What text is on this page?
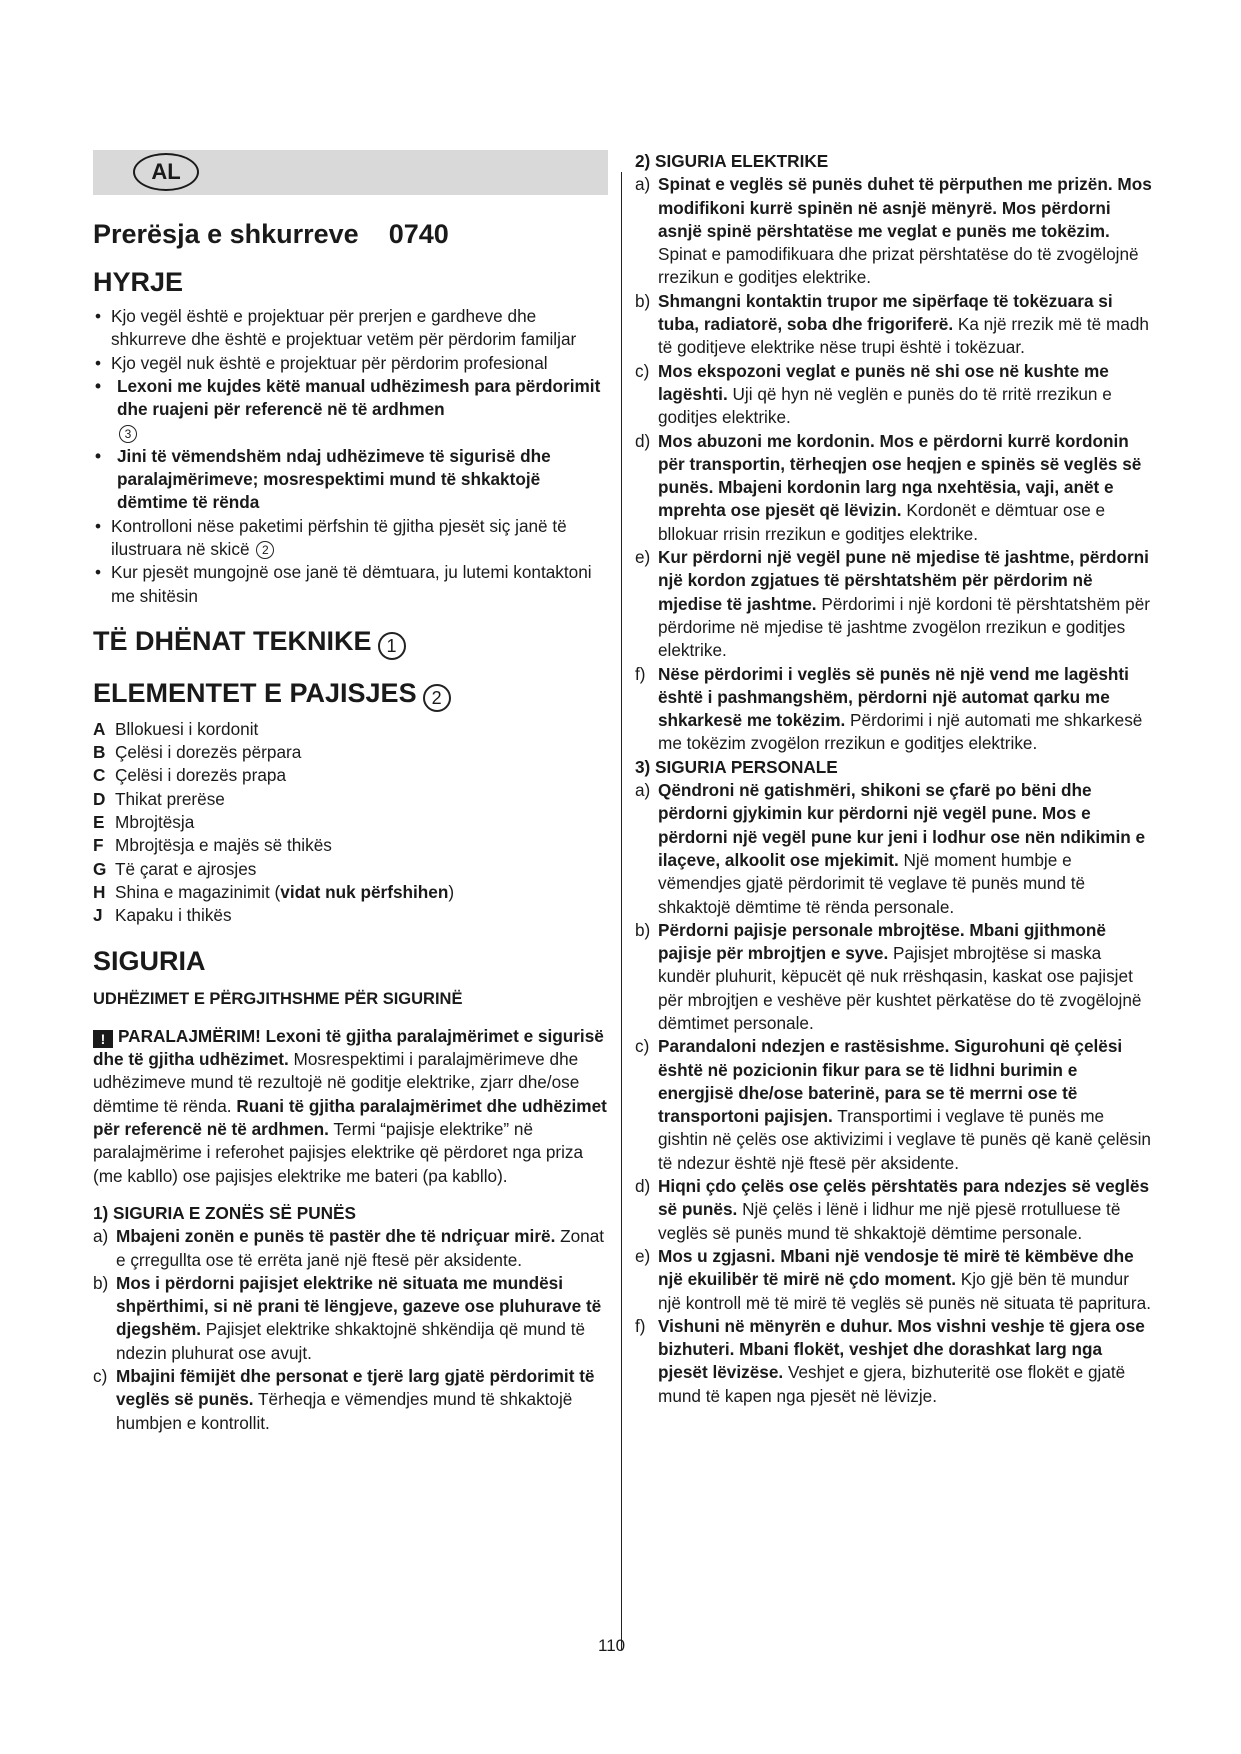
AL
Prerësja e shkurreve 0740
HYRJE
• Kjo vegël është e projektuar për prerjen e gardheve dhe shkurreve dhe është e projektuar vetëm për përdorim familjar
• Kjo vegël nuk është e projektuar për përdorim profesional
• Lexoni me kujdes këtë manual udhëzimesh para përdorimit dhe ruajeni për referencë në të ardhmen
3
• Jini të vëmendshëm ndaj udhëzimeve të sigurisë dhe paralajmërimeve; mosrespektimi mund të shkaktojë dëmtime të rënda
• Kontrolloni nëse paketimi përfshin të gjitha pjesët siç janë të ilustruara në skicë 2
• Kur pjesët mungojnë ose janë të dëmtuara, ju lutemi kontaktoni me shitësin
TË DHËNAT TEKNIKE 1
ELEMENTET E PAJISJES 2

A Bllokuesi i kordonit

B Çelësi i dorezës përpara

C Çelësi i dorezës prapa

D Thikat prerëse

E Mbrojtësja

F Mbrojtësja e majës së thikës

G Të çarat e ajrosjes

H Shina e magazinimit (vidat nuk përfshihen)

J Kapaku i thikës

SIGURIA
UDHËZIMET E PËRGJITHSHME PËR SIGURINË

! PARALAJMËRIM! Lexoni të gjitha paralajmërimet e sigurisë dhe të gjitha udhëzimet. Mosrespektimi i paralajmërimeve dhe udhëzimeve mund të rezultojë në goditje elektrike, zjarr dhe/ose dëmtime të rënda. Ruani të gjitha paralajmërimet dhe udhëzimet për referencë në të ardhmen. Termi “pajisje elektrike” në paralajmërime i referohet pajisjes elektrike që përdoret nga priza (me kabllo) ose pajisjes elektrike me bateri (pa kabllo).

1) SIGURIA E ZONËS SË PUNËS

a) Mbajeni zonën e punës të pastër dhe të ndriçuar mirë. Zonat e çrregullta ose të errëta janë një ftesë për aksidente.

b) Mos i përdorni pajisjet elektrike në situata me mundësi shpërthimi, si në prani të lëngjeve, gazeve ose pluhurave të djegshëm. Pajisjet elektrike shkaktojnë shkëndija që mund të ndezin pluhurat ose avujt.

c) Mbajini fëmijët dhe personat e tjerë larg gjatë përdorimit të veglës së punës. Tërheqja e vëmendjes mund të shkaktojë humbjen e kontrollit.

2) SIGURIA ELEKTRIKE

a) Spinat e veglës së punës duhet të përputhen me prizën. Mos modifikoni kurrë spinën në asnjë mënyrë. Mos përdorni asnjë spinë përshtatëse me veglat e punës me tokëzim. Spinat e pamodifikuara dhe prizat përshtatëse do të zvogëlojnë rrezikun e goditjes elektrike.

b) Shmangni kontaktin trupor me sipërfaqe të tokëzuara si tuba, radiatorë, soba dhe frigoriferë. Ka një rrezik më të madh të goditjeve elektrike nëse trupi është i tokëzuar.

c) Mos ekspozoni veglat e punës në shi ose në kushte me lagështi. Uji që hyn në veglën e punës do të rritë rrezikun e goditjes elektrike.

d) Mos abuzoni me kordonin. Mos e përdorni kurrë kordonin për transportin, tërheqjen ose heqjen e spinës së veglës së punës. Mbajeni kordonin larg nga nxehtësia, vaji, anët e mprehta ose pjesët që lëvizin. Kordonët e dëmtuar ose e bllokuar rrisin rrezikun e goditjes elektrike.

e) Kur përdorni një vegël pune në mjedise të jashtme, përdorni një kordon zgjatues të përshtatshëm për përdorim në mjedise të jashtme. Përdorimi i një kordoni të përshtatshëm për përdorime në mjedise të jashtme zvogëlon rrezikun e goditjes elektrike.

f) Nëse përdorimi i veglës së punës në një vend me lagështi është i pashmangshëm, përdorni një automat qarku me shkarkesë me tokëzim. Përdorimi i një automati me shkarkesë me tokëzim zvogëlon rrezikun e goditjes elektrike.

3) SIGURIA PERSONALE

a) Qëndroni në gatishmëri, shikoni se çfarë po bëni dhe përdorni gjykimin kur përdorni një vegël pune. Mos e përdorni një vegël pune kur jeni i lodhur ose nën ndikimin e ilaçeve, alkoolit ose mjekimit. Një moment humbje e vëmendjes gjatë përdorimit të veglave të punës mund të shkaktojë dëmtime të rënda personale.

b) Përdorni pajisje personale mbrojtëse. Mbani gjithmonë pajisje për mbrojtjen e syve. Pajisjet mbrojtëse si maska kundër pluhurit, këpucët që nuk rrëshqasin, kaskat ose pajisjet për mbrojtjen e veshëve për kushtet përkatëse do të zvogëlojnë dëmtimet personale.

c) Parandaloni ndezjen e rastësishme. Sigurohuni që çelësi është në pozicionin fikur para se të lidhni burimin e energjisë dhe/ose baterinë, para se të merrni ose të transportoni pajisjen. Transportimi i veglave të punës me gishtin në çelës ose aktivizimi i veglave të punës që kanë çelësin të ndezur është një ftesë për aksidente.

d) Hiqni çdo çelës ose çelës përshtatës para ndezjes së veglës së punës. Një çelës i lënë i lidhur me një pjesë rrotulluese të veglës së punës mund të shkaktojë dëmtime personale.

e) Mos u zgjasni. Mbani një vendosje të mirë të këmbëve dhe një ekuilibër të mirë në çdo moment. Kjo gjë bën të mundur një kontroll më të mirë të veglës së punës në situata të papritura.

f) Vishuni në mënyrën e duhur. Mos vishni veshje të gjera ose bizhuteri. Mbani flokët, veshjet dhe dorashkat larg nga pjesët lëvizëse. Veshjet e gjera, bizhuteritë ose flokët e gjatë mund të kapen nga pjesët në lëvizje.

110
